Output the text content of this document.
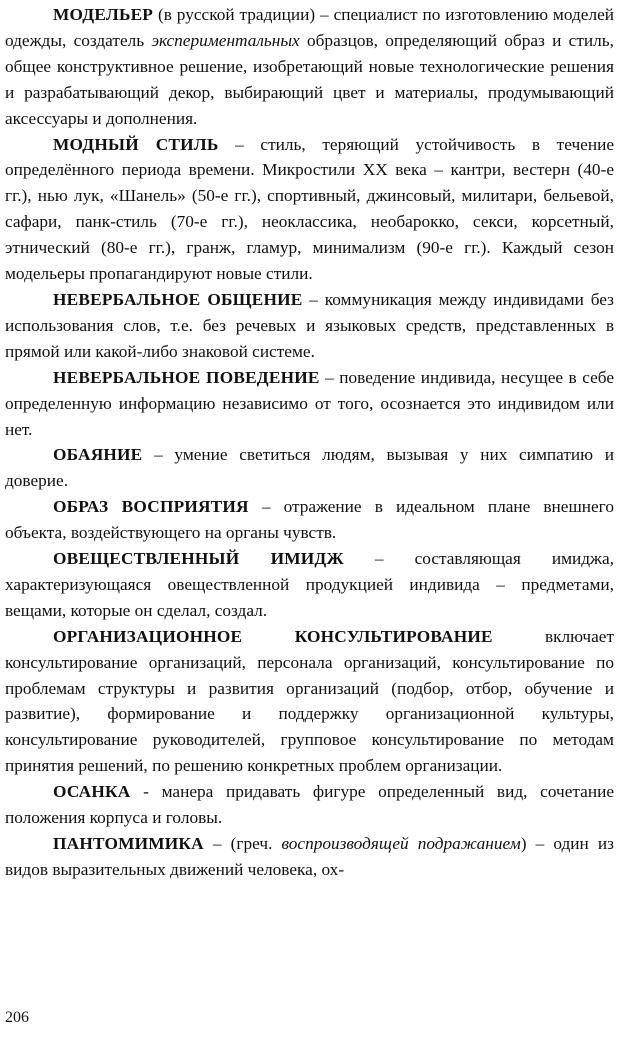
МОДЕЛЬЕР (в русской традиции) – специалист по изготовлению моделей одежды, создатель экспериментальных образцов, определяющий образ и стиль, общее конструктивное решение, изобретающий новые технологические решения и разрабатывающий декор, выбирающий цвет и материалы, продумывающий аксессуары и дополнения.

МОДНЫЙ СТИЛЬ – стиль, теряющий устойчивость в течение определённого периода времени. Микростили XX века – кантри, вестерн (40-е гг.), нью лук, «Шанель» (50-е гг.), спортивный, джинсовый, милитари, бельевой, сафари, панк-стиль (70-е гг.), неоклассика, необарокко, секси, корсетный, этнический (80-е гг.), гранж, гламур, минимализм (90-е гг.). Каждый сезон модельеры пропагандируют новые стили.

НЕВЕРБАЛЬНОЕ ОБЩЕНИЕ – коммуникация между индивидами без использования слов, т.е. без речевых и языковых средств, представленных в прямой или какой-либо знаковой системе.

НЕВЕРБАЛЬНОЕ ПОВЕДЕНИЕ – поведение индивида, несущее в себе определенную информацию независимо от того, осознается это индивидом или нет.

ОБАЯНИЕ – умение светиться людям, вызывая у них симпатию и доверие.

ОБРАЗ ВОСПРИЯТИЯ – отражение в идеальном плане внешнего объекта, воздействующего на органы чувств.

ОВЕЩЕСТВЛЕННЫЙ ИМИДЖ – составляющая имиджа, характеризующаяся овеществленной продукцией индивида – предметами, вещами, которые он сделал, создал.

ОРГАНИЗАЦИОННОЕ КОНСУЛЬТИРОВАНИЕ включает консультирование организаций, персонала организаций, консультирование по проблемам структуры и развития организаций (подбор, отбор, обучение и развитие), формирование и поддержку организационной культуры, консультирование руководителей, групповое консультирование по методам принятия решений, по решению конкретных проблем организации.

ОСАНКА - манера придавать фигуре определенный вид, сочетание положения корпуса и головы.

ПАНТОМИМИКА – (греч. воспроизводящей подражанием) – один из видов выразительных движений человека, ох-

206
